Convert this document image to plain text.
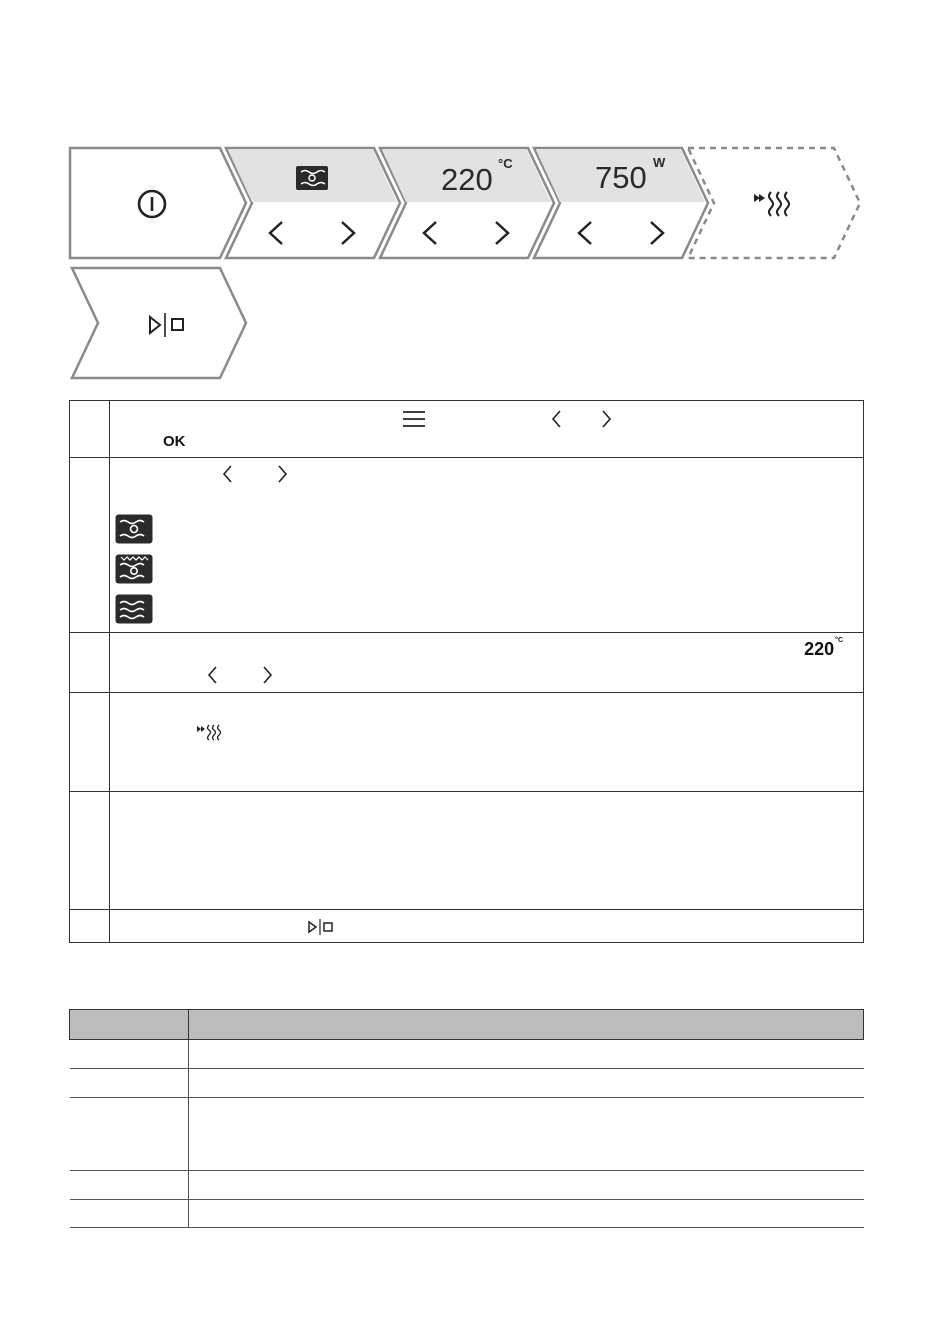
220 °C	750 W

	OK

	$220^{^\circ C}$
